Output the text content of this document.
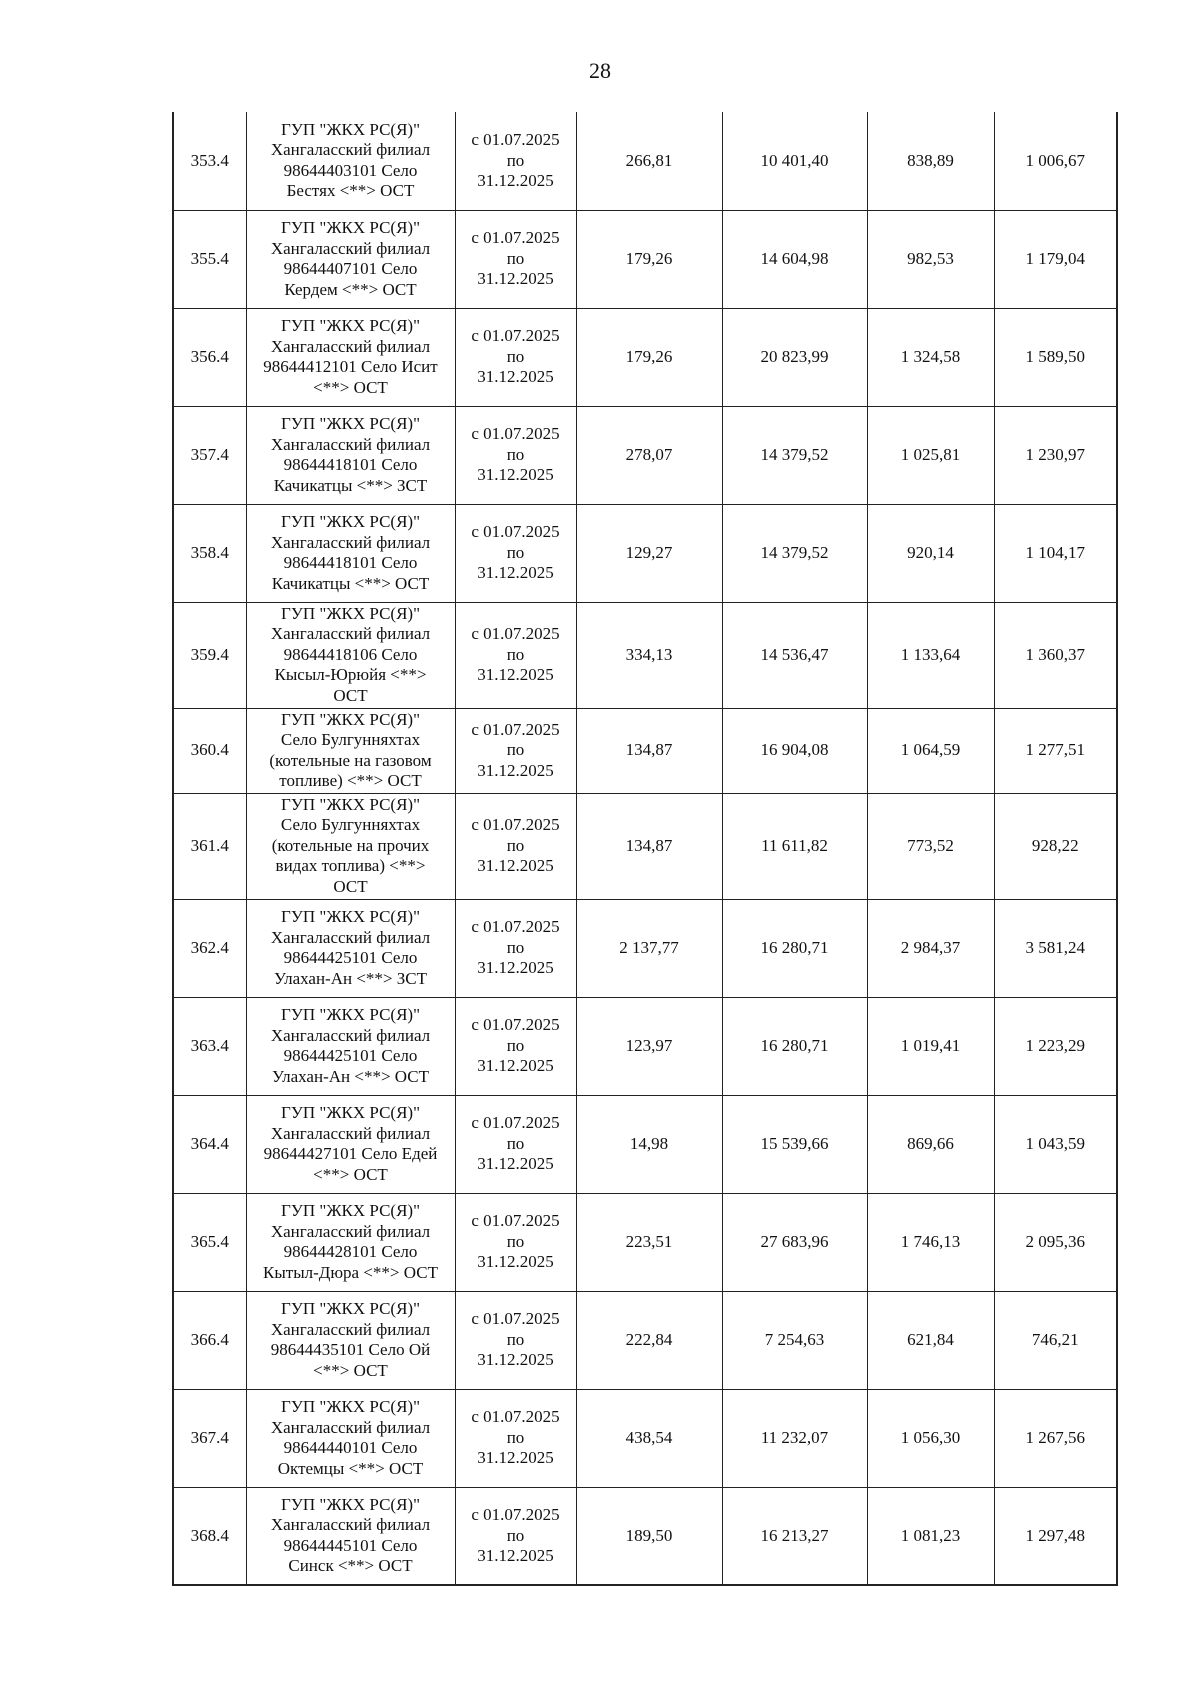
28
353.4	ГУП "ЖКХ РС(Я)"
Хангаласский филиал
98644403101 Село
Бестях <**> ОСТ	с 01.07.2025
по
31.12.2025	266,81	10 401,40	838,89	1 006,67
355.4	ГУП "ЖКХ РС(Я)"
Хангаласский филиал
98644407101 Село
Кердем <**> ОСТ	с 01.07.2025
по
31.12.2025	179,26	14 604,98	982,53	1 179,04
356.4	ГУП "ЖКХ РС(Я)"
Хангаласский филиал
98644412101 Село Исит
<**> ОСТ	с 01.07.2025
по
31.12.2025	179,26	20 823,99	1 324,58	1 589,50
357.4	ГУП "ЖКХ РС(Я)"
Хангаласский филиал
98644418101 Село
Качикатцы <**> ЗСТ	с 01.07.2025
по
31.12.2025	278,07	14 379,52	1 025,81	1 230,97
358.4	ГУП "ЖКХ РС(Я)"
Хангаласский филиал
98644418101 Село
Качикатцы <**> ОСТ	с 01.07.2025
по
31.12.2025	129,27	14 379,52	920,14	1 104,17
359.4	ГУП "ЖКХ РС(Я)"
Хангаласский филиал
98644418106 Село
Кысыл-Юрюйя <**>
ОСТ	с 01.07.2025
по
31.12.2025	334,13	14 536,47	1 133,64	1 360,37
360.4	ГУП "ЖКХ РС(Я)"
Село Булгунняхтах
(котельные на газовом
топливе) <**> ОСТ	с 01.07.2025
по
31.12.2025	134,87	16 904,08	1 064,59	1 277,51
361.4	ГУП "ЖКХ РС(Я)"
Село Булгунняхтах
(котельные на прочих
видах топлива) <**>
ОСТ	с 01.07.2025
по
31.12.2025	134,87	11 611,82	773,52	928,22
362.4	ГУП "ЖКХ РС(Я)"
Хангаласский филиал
98644425101 Село
Улахан-Ан <**> ЗСТ	с 01.07.2025
по
31.12.2025	2 137,77	16 280,71	2 984,37	3 581,24
363.4	ГУП "ЖКХ РС(Я)"
Хангаласский филиал
98644425101 Село
Улахан-Ан <**> ОСТ	с 01.07.2025
по
31.12.2025	123,97	16 280,71	1 019,41	1 223,29
364.4	ГУП "ЖКХ РС(Я)"
Хангаласский филиал
98644427101 Село Едей
<**> ОСТ	с 01.07.2025
по
31.12.2025	14,98	15 539,66	869,66	1 043,59
365.4	ГУП "ЖКХ РС(Я)"
Хангаласский филиал
98644428101 Село
Кытыл-Дюра <**> ОСТ	с 01.07.2025
по
31.12.2025	223,51	27 683,96	1 746,13	2 095,36
366.4	ГУП "ЖКХ РС(Я)"
Хангаласский филиал
98644435101 Село Ой
<**> ОСТ	с 01.07.2025
по
31.12.2025	222,84	7 254,63	621,84	746,21
367.4	ГУП "ЖКХ РС(Я)"
Хангаласский филиал
98644440101 Село
Октемцы <**> ОСТ	с 01.07.2025
по
31.12.2025	438,54	11 232,07	1 056,30	1 267,56
368.4	ГУП "ЖКХ РС(Я)"
Хангаласский филиал
98644445101 Село
Синск <**> ОСТ	с 01.07.2025
по
31.12.2025	189,50	16 213,27	1 081,23	1 297,48
